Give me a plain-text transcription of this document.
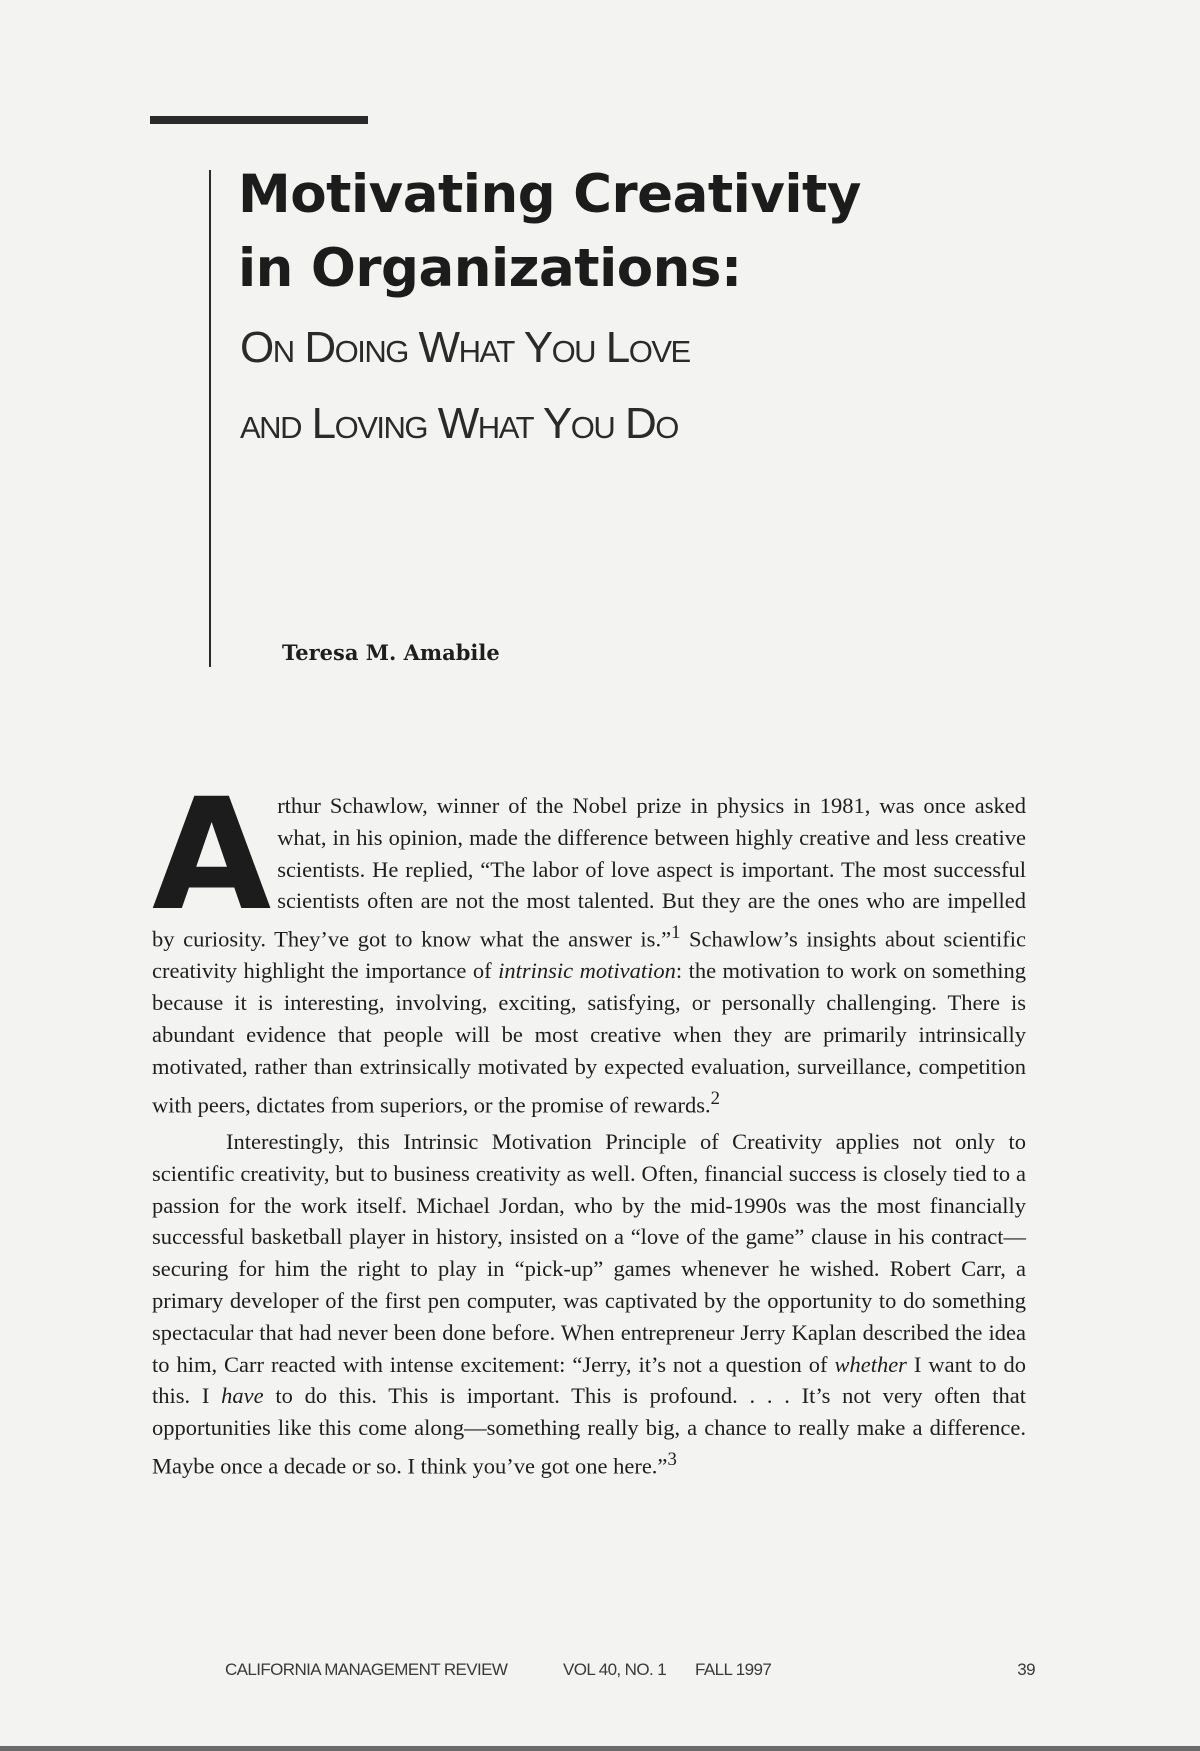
Motivating Creativity
in Organizations:
On Doing What You Love
and Loving What You Do

Teresa M. Amabile

Arthur Schawlow, winner of the Nobel prize in physics in 1981, was once asked what, in his opinion, made the difference between highly creative and less creative scientists. He replied, “The labor of love aspect is important. The most successful scientists often are not the most talented. But they are the ones who are impelled by curiosity. They’ve got to know what the answer is.”$^1$ Schawlow’s insights about scientific creativity highlight the importance of intrinsic motivation: the motivation to work on something because it is interesting, involving, exciting, satisfying, or personally challenging. There is abundant evidence that people will be most creative when they are primarily intrinsically motivated, rather than extrinsically motivated by expected evaluation, surveillance, competition with peers, dictates from superiors, or the promise of rewards.$^2$

Interestingly, this Intrinsic Motivation Principle of Creativity applies not only to scientific creativity, but to business creativity as well. Often, financial success is closely tied to a passion for the work itself. Michael Jordan, who by the mid-1990s was the most financially successful basketball player in history, insisted on a “love of the game” clause in his contract—securing for him the right to play in “pick-up” games whenever he wished. Robert Carr, a primary developer of the first pen computer, was captivated by the opportunity to do something spectacular that had never been done before. When entrepreneur Jerry Kaplan described the idea to him, Carr reacted with intense excitement: “Jerry, it’s not a question of whether I want to do this. I have to do this. This is important. This is profound. . . . It’s not very often that opportunities like this come along—something really big, a chance to really make a difference. Maybe once a decade or so. I think you’ve got one here.”$^3$

CALIFORNIA MANAGEMENT REVIEW	VOL 40, NO. 1 FALL 1997	39
